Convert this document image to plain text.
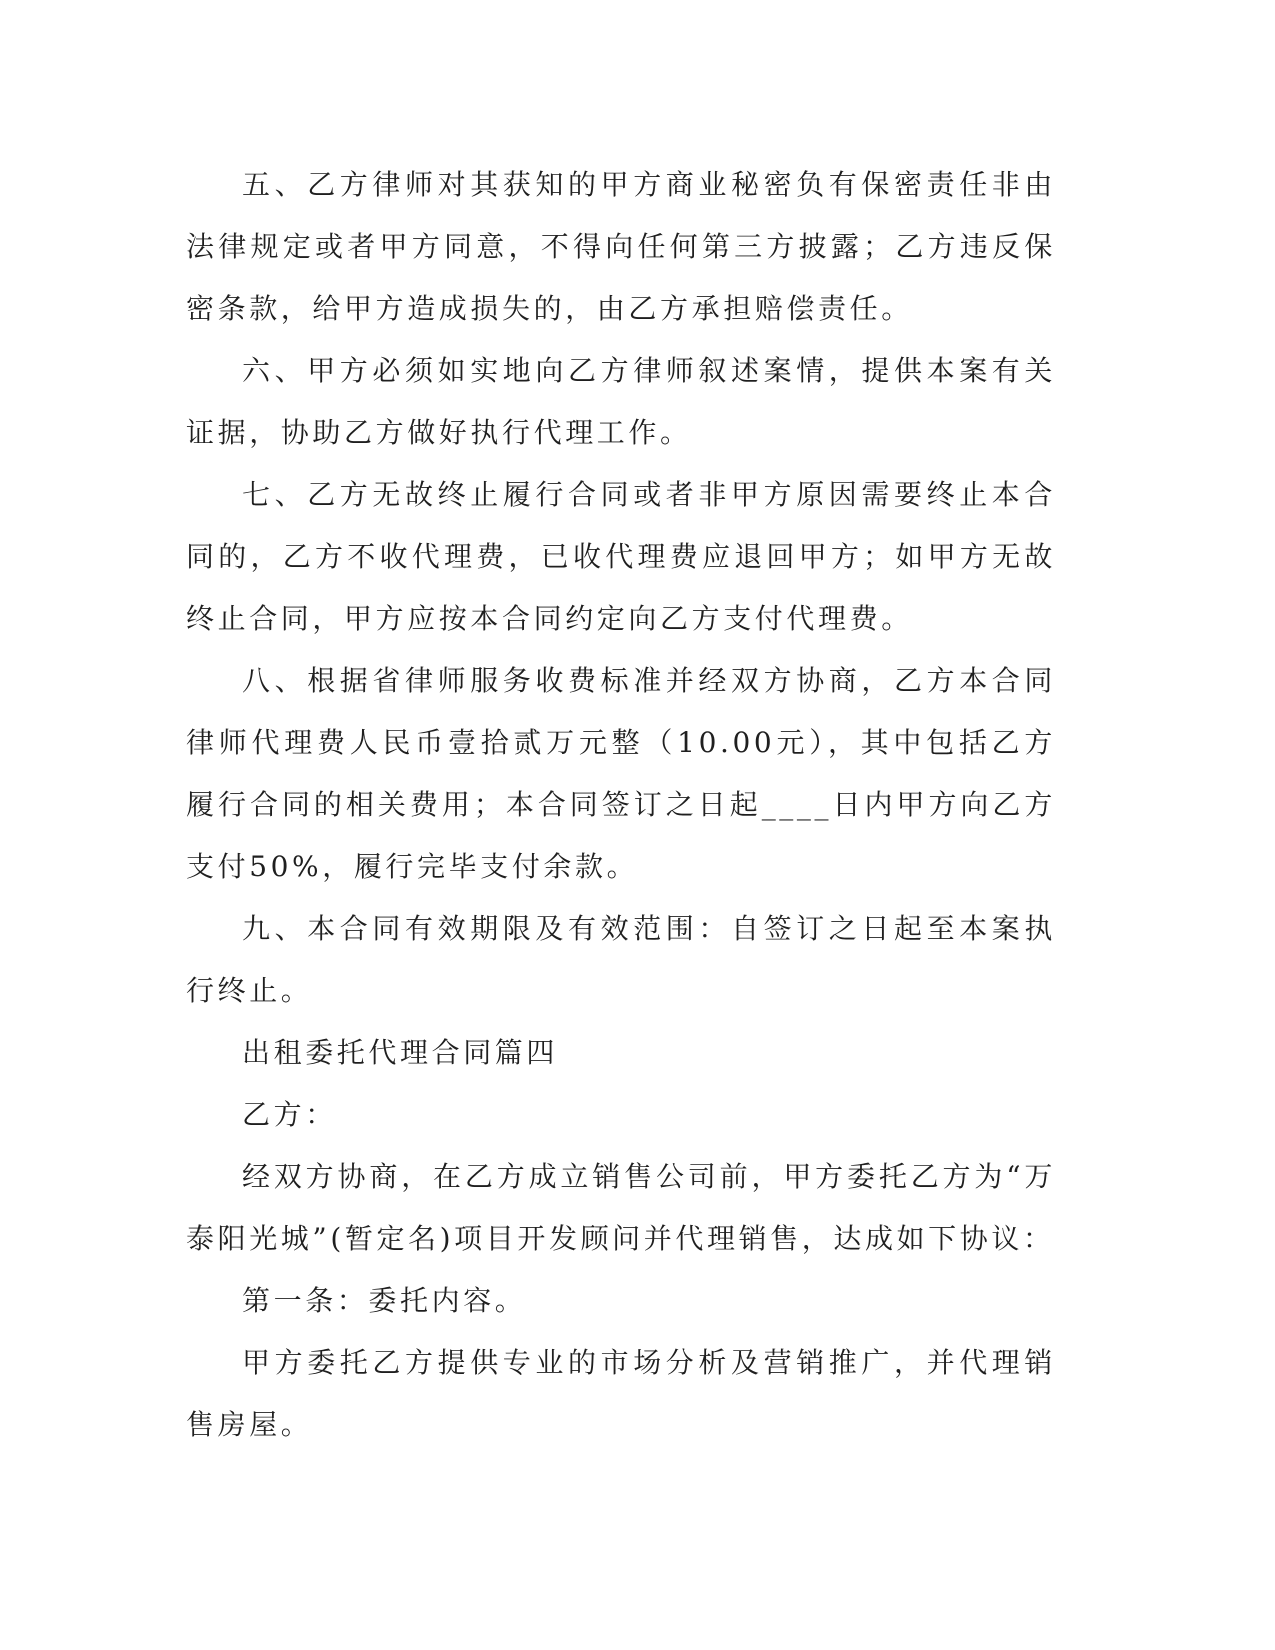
五、乙方律师对其获知的甲方商业秘密负有保密责任非由法律规定或者甲方同意，不得向任何第三方披露；乙方违反保密条款，给甲方造成损失的，由乙方承担赔偿责任。

六、甲方必须如实地向乙方律师叙述案情，提供本案有关证据，协助乙方做好执行代理工作。

七、乙方无故终止履行合同或者非甲方原因需要终止本合同的，乙方不收代理费，已收代理费应退回甲方；如甲方无故终止合同，甲方应按本合同约定向乙方支付代理费。

八、根据省律师服务收费标准并经双方协商，乙方本合同律师代理费人民币壹拾贰万元整（10.00元），其中包括乙方履行合同的相关费用；本合同签订之日起____日内甲方向乙方支付50%，履行完毕支付余款。

九、本合同有效期限及有效范围：自签订之日起至本案执行终止。

出租委托代理合同篇四

乙方：

经双方协商，在乙方成立销售公司前，甲方委托乙方为“万泰阳光城”(暂定名)项目开发顾问并代理销售，达成如下协议：

第一条：委托内容。

甲方委托乙方提供专业的市场分析及营销推广，并代理销售房屋。
